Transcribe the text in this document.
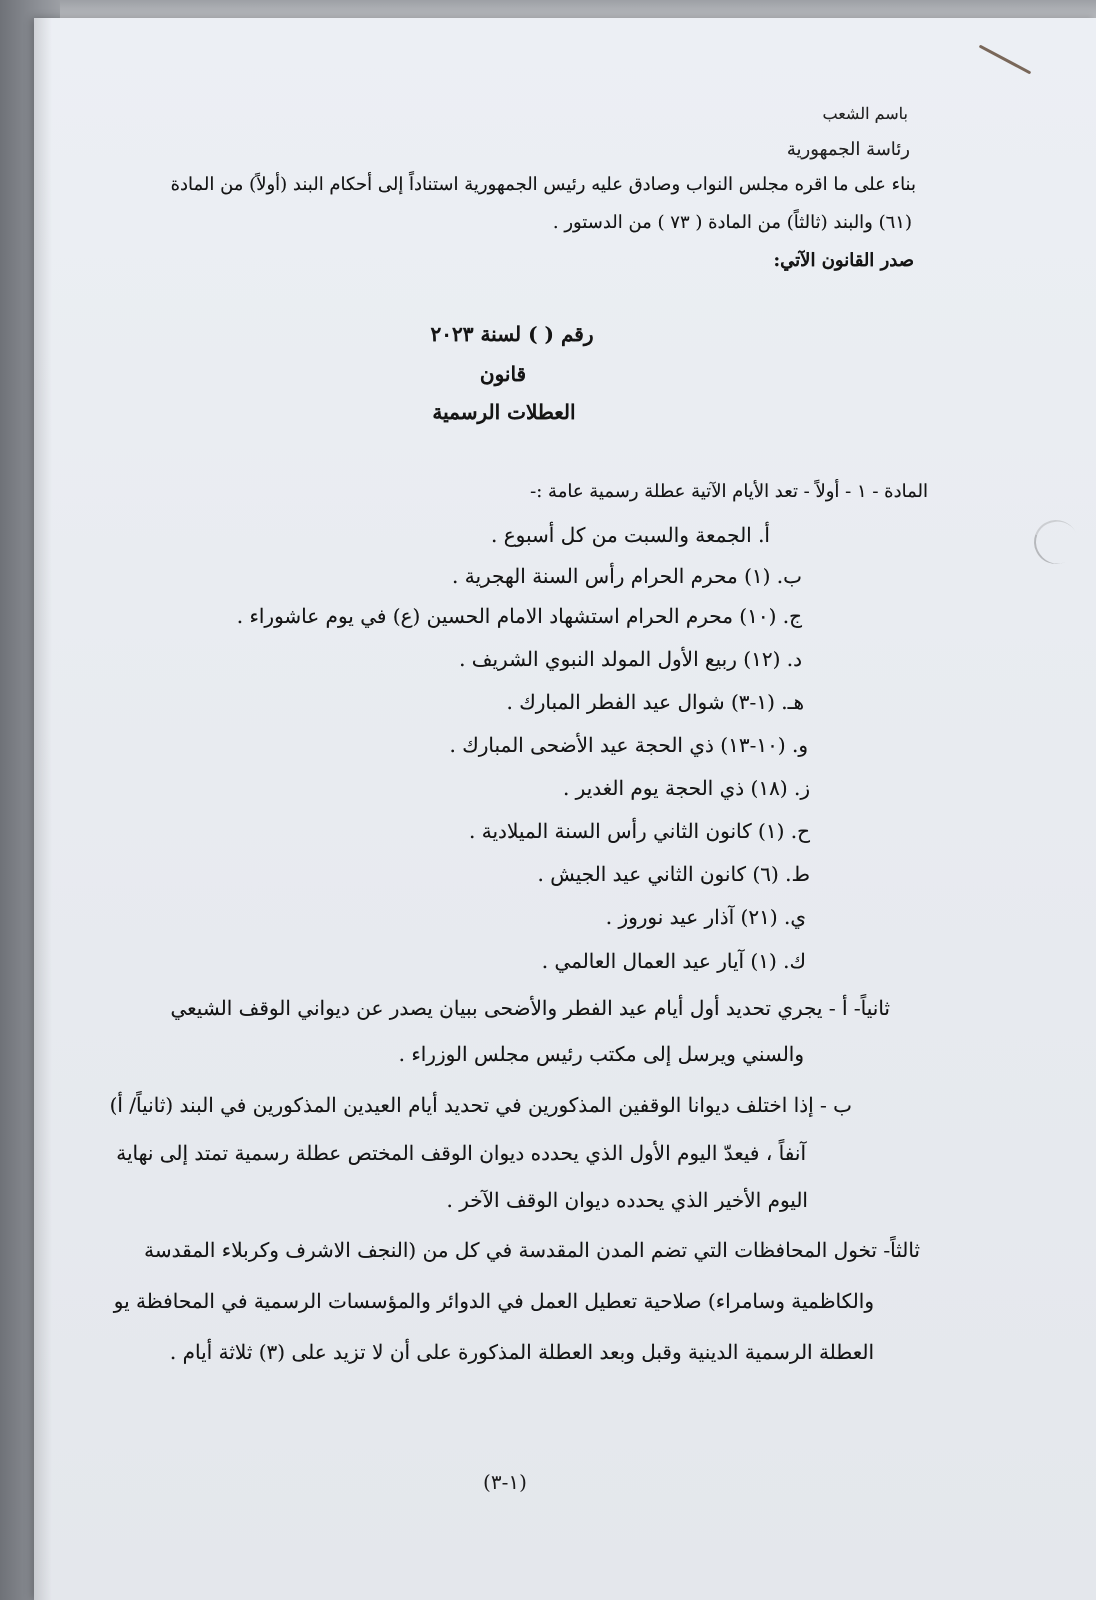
باسم الشعب
رئاسة الجمهورية
بناء على ما اقره مجلس النواب وصادق عليه رئيس الجمهورية استناداً إلى أحكام البند (أولاً) من المادة
(٦١) والبند (ثالثاً) من المادة ( ٧٣ ) من الدستور .
صدر القانون الآتي:
رقم ( ) لسنة ٢٠٢٣
قانون
العطلات الرسمية
المادة - ١ - أولاً - تعد الأيام الآتية عطلة رسمية عامة :-
أ. الجمعة والسبت من كل أسبوع .
ب. (١) محرم الحرام رأس السنة الهجرية .
ج. (١٠) محرم الحرام استشهاد الامام الحسين (ع) في يوم عاشوراء .
د. (١٢) ربيع الأول المولد النبوي الشريف .
هـ. (١-٣) شوال عيد الفطر المبارك .
و. (١٠-١٣) ذي الحجة عيد الأضحى المبارك .
ز. (١٨) ذي الحجة يوم الغدير .
ح. (١) كانون الثاني رأس السنة الميلادية .
ط. (٦) كانون الثاني عيد الجيش .
ي. (٢١) آذار عيد نوروز .
ك. (١) آيار عيد العمال العالمي .
ثانياً- أ - يجري تحديد أول أيام عيد الفطر والأضحى ببيان يصدر عن ديواني الوقف الشيعي
والسني ويرسل إلى مكتب رئيس مجلس الوزراء .
ب - إذا اختلف ديوانا الوقفين المذكورين في تحديد أيام العيدين المذكورين في البند (ثانياً/ أ)
آنفاً ، فيعدّ اليوم الأول الذي يحدده ديوان الوقف المختص عطلة رسمية تمتد إلى نهاية
اليوم الأخير الذي يحدده ديوان الوقف الآخر .
ثالثاً- تخول المحافظات التي تضم المدن المقدسة في كل من (النجف الاشرف وكربلاء المقدسة
والكاظمية وسامراء) صلاحية تعطيل العمل في الدوائر والمؤسسات الرسمية في المحافظة يو
العطلة الرسمية الدينية وقبل وبعد العطلة المذكورة على أن لا تزيد على (٣) ثلاثة أيام .
(١-٣)
